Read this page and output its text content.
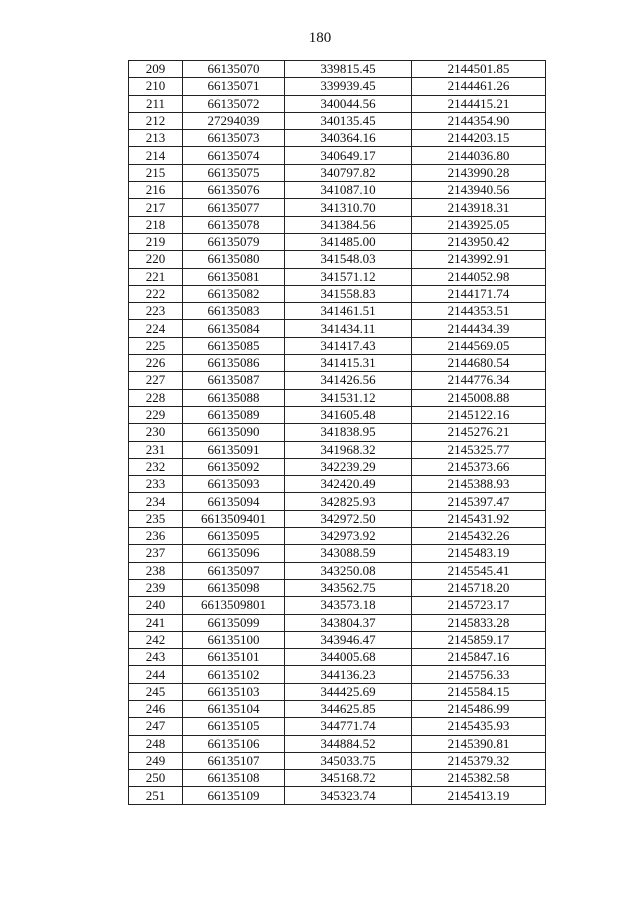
180
209	66135070	339815.45	2144501.85
210	66135071	339939.45	2144461.26
211	66135072	340044.56	2144415.21
212	27294039	340135.45	2144354.90
213	66135073	340364.16	2144203.15
214	66135074	340649.17	2144036.80
215	66135075	340797.82	2143990.28
216	66135076	341087.10	2143940.56
217	66135077	341310.70	2143918.31
218	66135078	341384.56	2143925.05
219	66135079	341485.00	2143950.42
220	66135080	341548.03	2143992.91
221	66135081	341571.12	2144052.98
222	66135082	341558.83	2144171.74
223	66135083	341461.51	2144353.51
224	66135084	341434.11	2144434.39
225	66135085	341417.43	2144569.05
226	66135086	341415.31	2144680.54
227	66135087	341426.56	2144776.34
228	66135088	341531.12	2145008.88
229	66135089	341605.48	2145122.16
230	66135090	341838.95	2145276.21
231	66135091	341968.32	2145325.77
232	66135092	342239.29	2145373.66
233	66135093	342420.49	2145388.93
234	66135094	342825.93	2145397.47
235	6613509401	342972.50	2145431.92
236	66135095	342973.92	2145432.26
237	66135096	343088.59	2145483.19
238	66135097	343250.08	2145545.41
239	66135098	343562.75	2145718.20
240	6613509801	343573.18	2145723.17
241	66135099	343804.37	2145833.28
242	66135100	343946.47	2145859.17
243	66135101	344005.68	2145847.16
244	66135102	344136.23	2145756.33
245	66135103	344425.69	2145584.15
246	66135104	344625.85	2145486.99
247	66135105	344771.74	2145435.93
248	66135106	344884.52	2145390.81
249	66135107	345033.75	2145379.32
250	66135108	345168.72	2145382.58
251	66135109	345323.74	2145413.19
